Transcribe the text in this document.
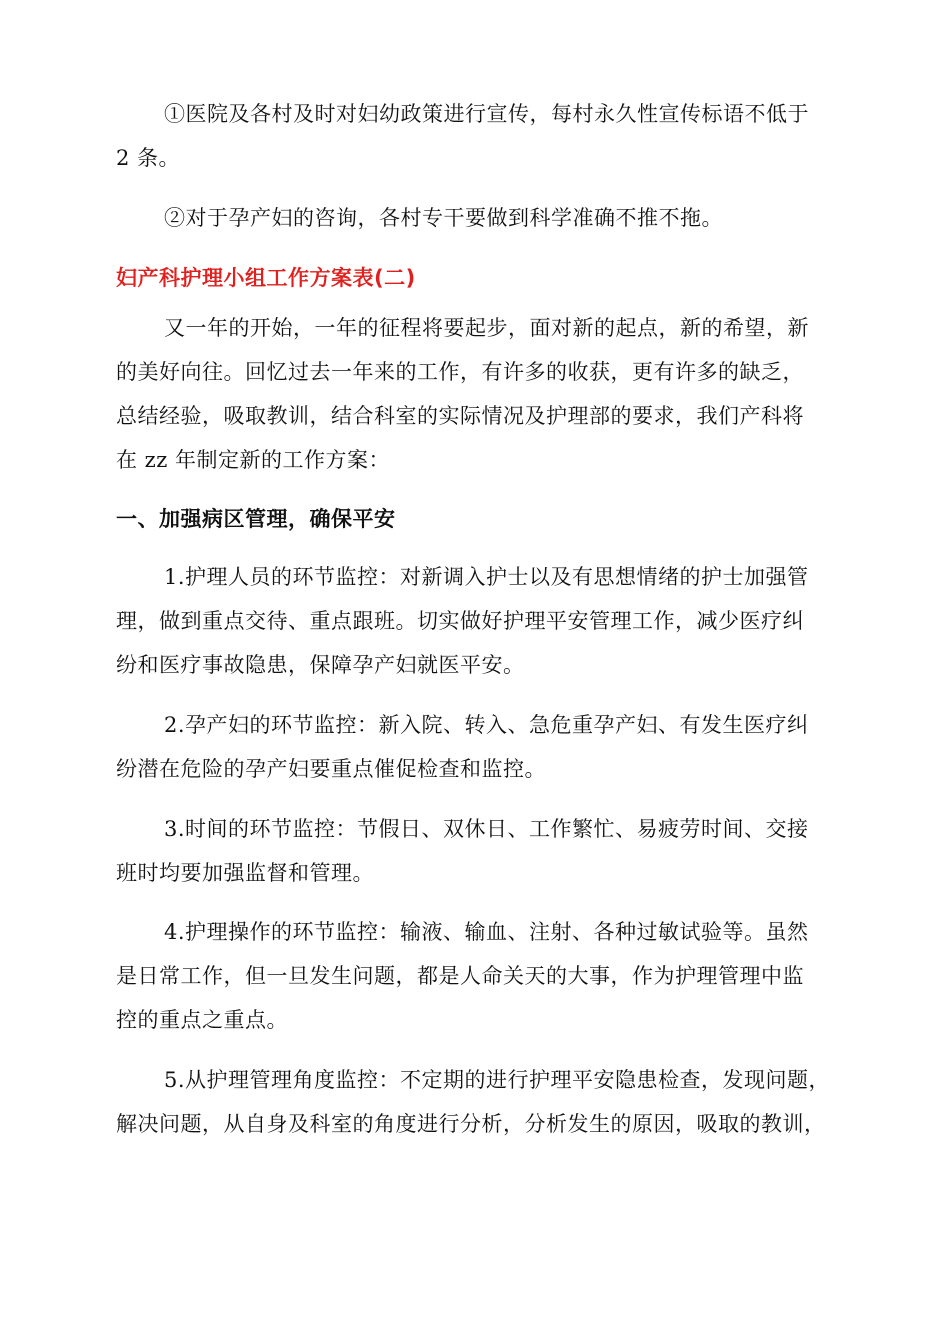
①医院及各村及时对妇幼政策进行宣传，每村永久性宣传标语不低于
2 条。
②对于孕产妇的咨询，各村专干要做到科学准确不推不拖。
妇产科护理小组工作方案表(二)
又一年的开始，一年的征程将要起步，面对新的起点，新的希望，新
的美好向往。回忆过去一年来的工作，有许多的收获，更有许多的缺乏，
总结经验，吸取教训，结合科室的实际情况及护理部的要求，我们产科将
在 zz 年制定新的工作方案：
一、加强病区管理，确保平安
1.护理人员的环节监控：对新调入护士以及有思想情绪的护士加强管
理，做到重点交待、重点跟班。切实做好护理平安管理工作，减少医疗纠
纷和医疗事故隐患，保障孕产妇就医平安。
2.孕产妇的环节监控：新入院、转入、急危重孕产妇、有发生医疗纠
纷潜在危险的孕产妇要重点催促检查和监控。
3.时间的环节监控：节假日、双休日、工作繁忙、易疲劳时间、交接
班时均要加强监督和管理。
4.护理操作的环节监控：输液、输血、注射、各种过敏试验等。虽然
是日常工作，但一旦发生问题，都是人命关天的大事，作为护理管理中监
控的重点之重点。
5.从护理管理角度监控：不定期的进行护理平安隐患检查，发现问题，
解决问题，从自身及科室的角度进行分析，分析发生的原因，吸取的教训，
